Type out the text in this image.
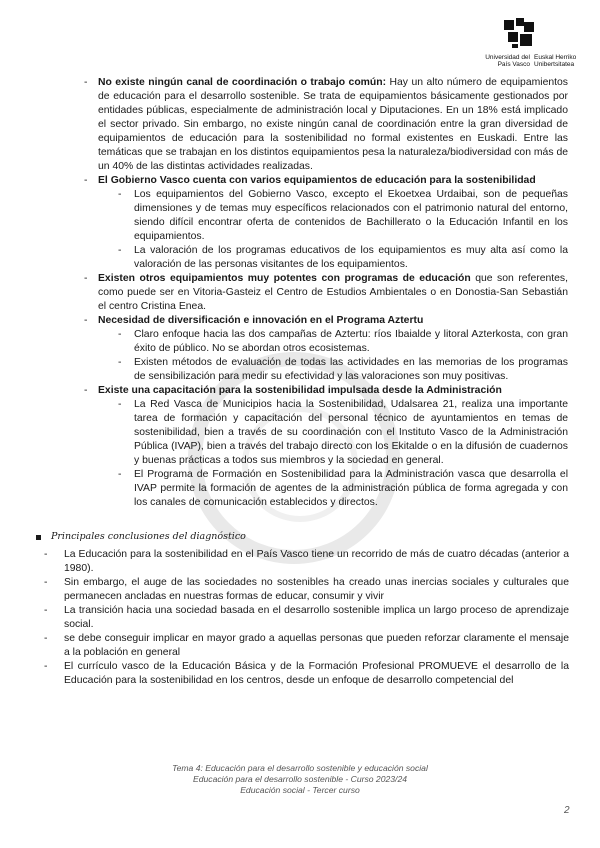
Universidad del País Vasco
Euskal Herriko Unibertsitatea
- No existe ningún canal de coordinación o trabajo común: Hay un alto número de equipamientos de educación para el desarrollo sostenible. Se trata de equipamientos básicamente gestionados por entidades públicas, especialmente de administración local y Diputaciones. En un 18% está implicado el sector privado. Sin embargo, no existe ningún canal de coordinación entre la gran diversidad de equipamientos de educación para la sostenibilidad no formal existentes en Euskadi. Entre las temáticas que se trabajan en los distintos equipamientos pesa la naturaleza/biodiversidad con más de un 40% de las distintas actividades realizadas.
- El Gobierno Vasco cuenta con varios equipamientos de educación para la sostenibilidad
- Los equipamientos del Gobierno Vasco, excepto el Ekoetxea Urdaibai, son de pequeñas dimensiones y de temas muy específicos relacionados con el patrimonio natural del entorno, siendo difícil encontrar oferta de contenidos de Bachillerato o la Educación Infantil en los equipamientos.
- La valoración de los programas educativos de los equipamientos es muy alta así como la valoración de las personas visitantes de los equipamientos.
- Existen otros equipamientos muy potentes con programas de educación que son referentes, como puede ser en Vitoria-Gasteiz el Centro de Estudios Ambientales o en Donostia-San Sebastián el centro Cristina Enea.
- Necesidad de diversificación e innovación en el Programa Aztertu
- Claro enfoque hacia las dos campañas de Aztertu: ríos Ibaialde y litoral Azterkosta, con gran éxito de público. No se abordan otros ecosistemas.
- Existen métodos de evaluación de todas las actividades en las memorias de los programas de sensibilización para medir su efectividad y las valoraciones son muy positivas.
- Existe una capacitación para la sostenibilidad impulsada desde la Administración
- La Red Vasca de Municipios hacia la Sostenibilidad, Udalsarea 21, realiza una importante tarea de formación y capacitación del personal técnico de ayuntamientos en temas de sostenibilidad, bien a través de su coordinación con el Instituto Vasco de la Administración Pública (IVAP), bien a través del trabajo directo con los Ekitalde o en la difusión de cuadernos y buenas prácticas a todos sus miembros y la sociedad en general.
- El Programa de Formación en Sostenibilidad para la Administración vasca que desarrolla el IVAP permite la formación de agentes de la administración pública de forma agregada y con los canales de comunicación establecidos y directos.
Principales conclusiones del diagnóstico
- La Educación para la sostenibilidad en el País Vasco tiene un recorrido de más de cuatro décadas (anterior a 1980).
- Sin embargo, el auge de las sociedades no sostenibles ha creado unas inercias sociales y culturales que permanecen ancladas en nuestras formas de educar, consumir y vivir
- La transición hacia una sociedad basada en el desarrollo sostenible implica un largo proceso de aprendizaje social.
- se debe conseguir implicar en mayor grado a aquellas personas que pueden reforzar claramente el mensaje a la población en general
- El currículo vasco de la Educación Básica y de la Formación Profesional PROMUEVE el desarrollo de la Educación para la sostenibilidad en los centros, desde un enfoque de desarrollo competencial del
Tema 4: Educación para el desarrollo sostenible y educación social
Educación para el desarrollo sostenible - Curso 2023/24
Educación social - Tercer curso
2
